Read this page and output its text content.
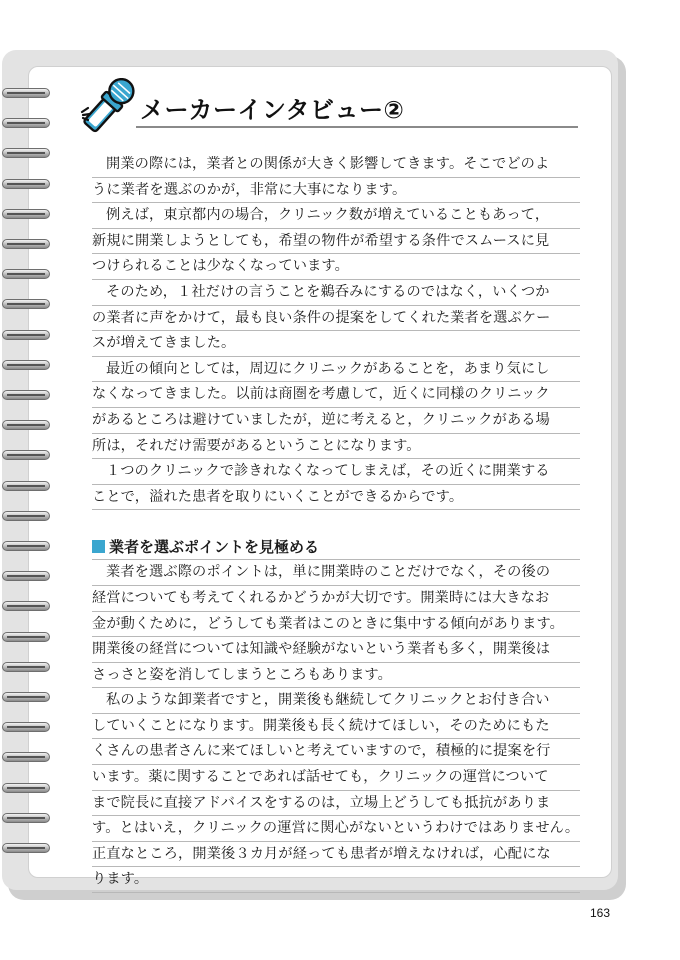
メーカーインタビュー②
開業の際には，業者との関係が大きく影響してきます。そこでどのよ
うに業者を選ぶのかが，非常に大事になります。
例えば，東京都内の場合，クリニック数が増えていることもあって，
新規に開業しようとしても，希望の物件が希望する条件でスムースに見
つけられることは少なくなっています。
そのため，１社だけの言うことを鵜呑みにするのではなく，いくつか
の業者に声をかけて，最も良い条件の提案をしてくれた業者を選ぶケー
スが増えてきました。
最近の傾向としては，周辺にクリニックがあることを，あまり気にし
なくなってきました。以前は商圏を考慮して，近くに同様のクリニック
があるところは避けていましたが，逆に考えると，クリニックがある場
所は，それだけ需要があるということになります。
１つのクリニックで診きれなくなってしまえば，その近くに開業する
ことで，溢れた患者を取りにいくことができるからです。
業者を選ぶポイントを見極める
業者を選ぶ際のポイントは，単に開業時のことだけでなく，その後の
経営についても考えてくれるかどうかが大切です。開業時には大きなお
金が動くために，どうしても業者はこのときに集中する傾向があります。
開業後の経営については知識や経験がないという業者も多く，開業後は
さっさと姿を消してしまうところもあります。
私のような卸業者ですと，開業後も継続してクリニックとお付き合い
していくことになります。開業後も長く続けてほしい，そのためにもた
くさんの患者さんに来てほしいと考えていますので，積極的に提案を行
います。薬に関することであれば話せても，クリニックの運営について
まで院長に直接アドバイスをするのは，立場上どうしても抵抗がありま
す。とはいえ，クリニックの運営に関心がないというわけではありません。
正直なところ，開業後３カ月が経っても患者が増えなければ，心配にな
ります。
163
